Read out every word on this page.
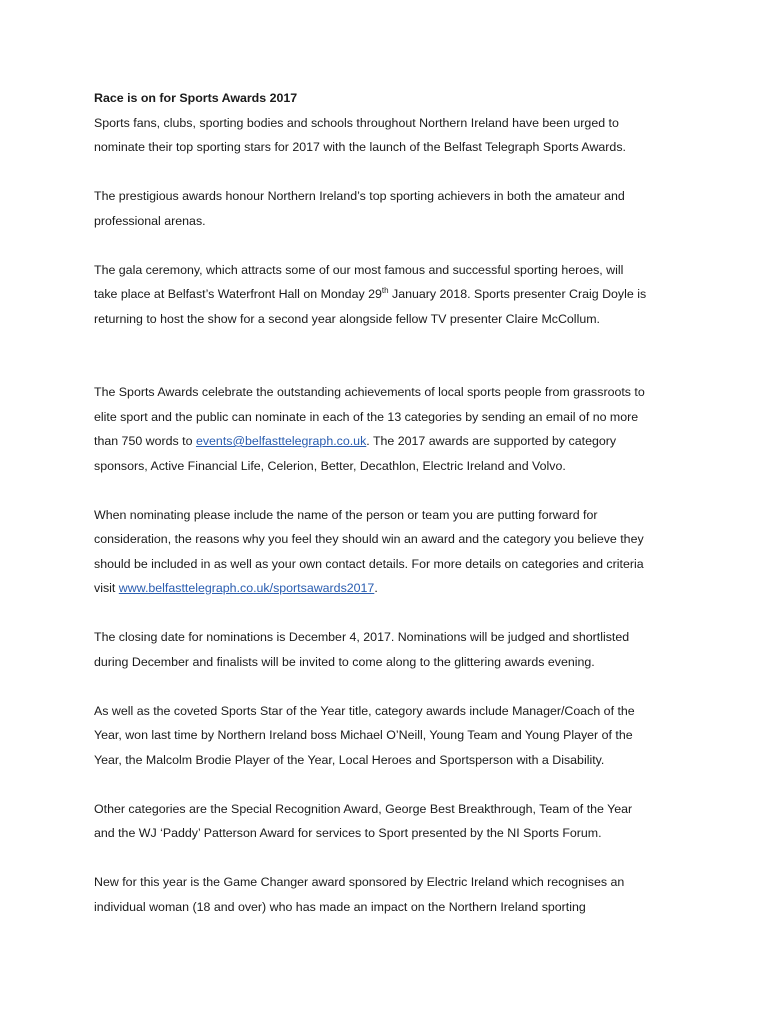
Race is on for Sports Awards 2017
Sports fans, clubs, sporting bodies and schools throughout Northern Ireland have been urged to
nominate their top sporting stars for 2017 with the launch of the Belfast Telegraph Sports Awards.
The prestigious awards honour Northern Ireland’s top sporting achievers in both the amateur and
professional arenas.
The gala ceremony, which attracts some of our most famous and successful sporting heroes, will
take place at Belfast’s Waterfront Hall on Monday 29th January 2018. Sports presenter Craig Doyle is
returning to host the show for a second year alongside fellow TV presenter Claire McCollum.
The Sports Awards celebrate the outstanding achievements of local sports people from grassroots to
elite sport and the public can nominate in each of the 13 categories by sending an email of no more
than 750 words to events@belfasttelegraph.co.uk. The 2017 awards are supported by category
sponsors, Active Financial Life, Celerion, Better, Decathlon, Electric Ireland and Volvo.
When nominating please include the name of the person or team you are putting forward for
consideration, the reasons why you feel they should win an award and the category you believe they
should be included in as well as your own contact details. For more details on categories and criteria
visit www.belfasttelegraph.co.uk/sportsawards2017.
The closing date for nominations is December 4, 2017. Nominations will be judged and shortlisted
during December and finalists will be invited to come along to the glittering awards evening.
As well as the coveted Sports Star of the Year title, category awards include Manager/Coach of the
Year, won last time by Northern Ireland boss Michael O’Neill, Young Team and Young Player of the
Year, the Malcolm Brodie Player of the Year, Local Heroes and Sportsperson with a Disability.
Other categories are the Special Recognition Award, George Best Breakthrough, Team of the Year
and the WJ ‘Paddy’ Patterson Award for services to Sport presented by the NI Sports Forum.
New for this year is the Game Changer award sponsored by Electric Ireland which recognises an
individual woman (18 and over) who has made an impact on the Northern Ireland sporting
